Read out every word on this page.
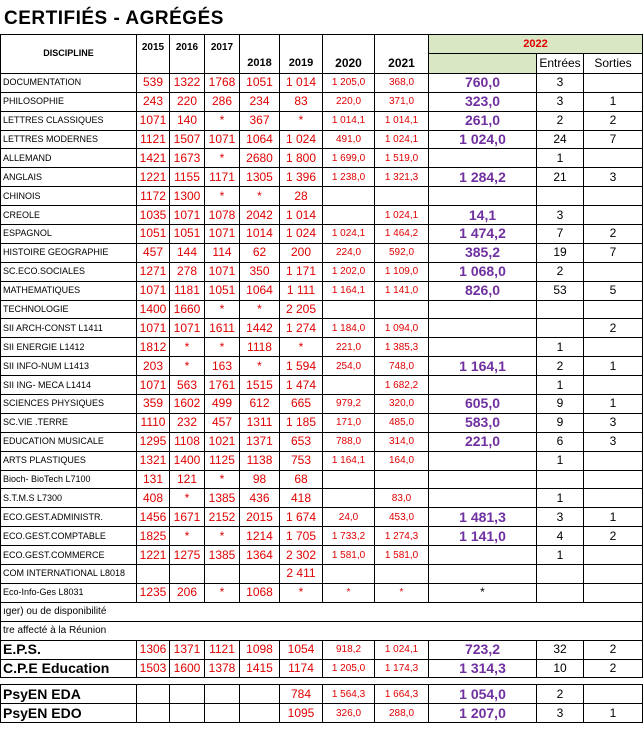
CERTIFIÉS - AGRÉGÉS
DISCIPLINE	2015	2016	2017	2018	2019	2020	2021	2022		
									Entrées	Sorties
DOCUMENTATION	539	1322	1768	1051	1 014	1 205,0	368,0	760,0	3	
PHILOSOPHIE	243	220	286	234	83	220,0	371,0	323,0	3	1
LETTRES CLASSIQUES	1071	140	*	367	*	1 014,1	1 014,1	261,0	2	2
LETTRES MODERNES	1121	1507	1071	1064	1 024	491,0	1 024,1	1 024,0	24	7
ALLEMAND	1421	1673	*	2680	1 800	1 699,0	1 519,0		1	
ANGLAIS	1221	1155	1171	1305	1 396	1 238,0	1 321,3	1 284,2	21	3
CHINOIS	1172	1300	*	*	28					
CREOLE	1035	1071	1078	2042	1 014		1 024,1	14,1	3	
ESPAGNOL	1051	1051	1071	1014	1 024	1 024,1	1 464,2	1 474,2	7	2
HISTOIRE GEOGRAPHIE	457	144	114	62	200	224,0	592,0	385,2	19	7
SC.ECO.SOCIALES	1271	278	1071	350	1 171	1 202,0	1 109,0	1 068,0	2	
MATHEMATIQUES	1071	1181	1051	1064	1 111	1 164,1	1 141,0	826,0	53	5
TECHNOLOGIE	1400	1660	*	*	2 205					
SII ARCH-CONST L1411	1071	1071	1611	1442	1 274	1 184,0	1 094,0			2
SII ENERGIE L1412	1812	*	*	1118	*	221,0	1 385,3		1	
SII INFO-NUM L1413	203	*	163	*	1 594	254,0	748,0	1 164,1	2	1
SII ING- MECA L1414	1071	563	1761	1515	1 474		1 682,2		1	
SCIENCES PHYSIQUES	359	1602	499	612	665	979,2	320,0	605,0	9	1
SC.VIE .TERRE	1110	232	457	1311	1 185	171,0	485,0	583,0	9	3
EDUCATION MUSICALE	1295	1108	1021	1371	653	788,0	314,0	221,0	6	3
ARTS PLASTIQUES	1321	1400	1125	1138	753	1 164,1	164,0		1	
Bioch- BioTech L7100	131	121	*	98	68					
S.T.M.S L7300	408	*	1385	436	418		83,0		1	
ECO.GEST.ADMINISTR.	1456	1671	2152	2015	1 674	24,0	453,0	1 481,3	3	1
ECO.GEST.COMPTABLE	1825	*	*	1214	1 705	1 733,2	1 274,3	1 141,0	4	2
ECO.GEST.COMMERCE	1221	1275	1385	1364	2 302	1 581,0	1 581,0		1	
COM INTERNATIONAL L8018					2 411					
Eco-Info-Ges L8031	1235	206	*	1068	*	*	*	*		
ıger) ou de disponibilité										
tre affecté à la Réunion										
E.P.S.	1306	1371	1121	1098	1054	918,2	1 024,1	723,2	32	2
C.P.E Education	1503	1600	1378	1415	1174	1 205,0	1 174,3	1 314,3	10	2

PsyEN EDA					784	1 564,3	1 664,3	1 054,0	2	
PsyEN EDO					1095	326,0	288,0	1 207,0	3	1
